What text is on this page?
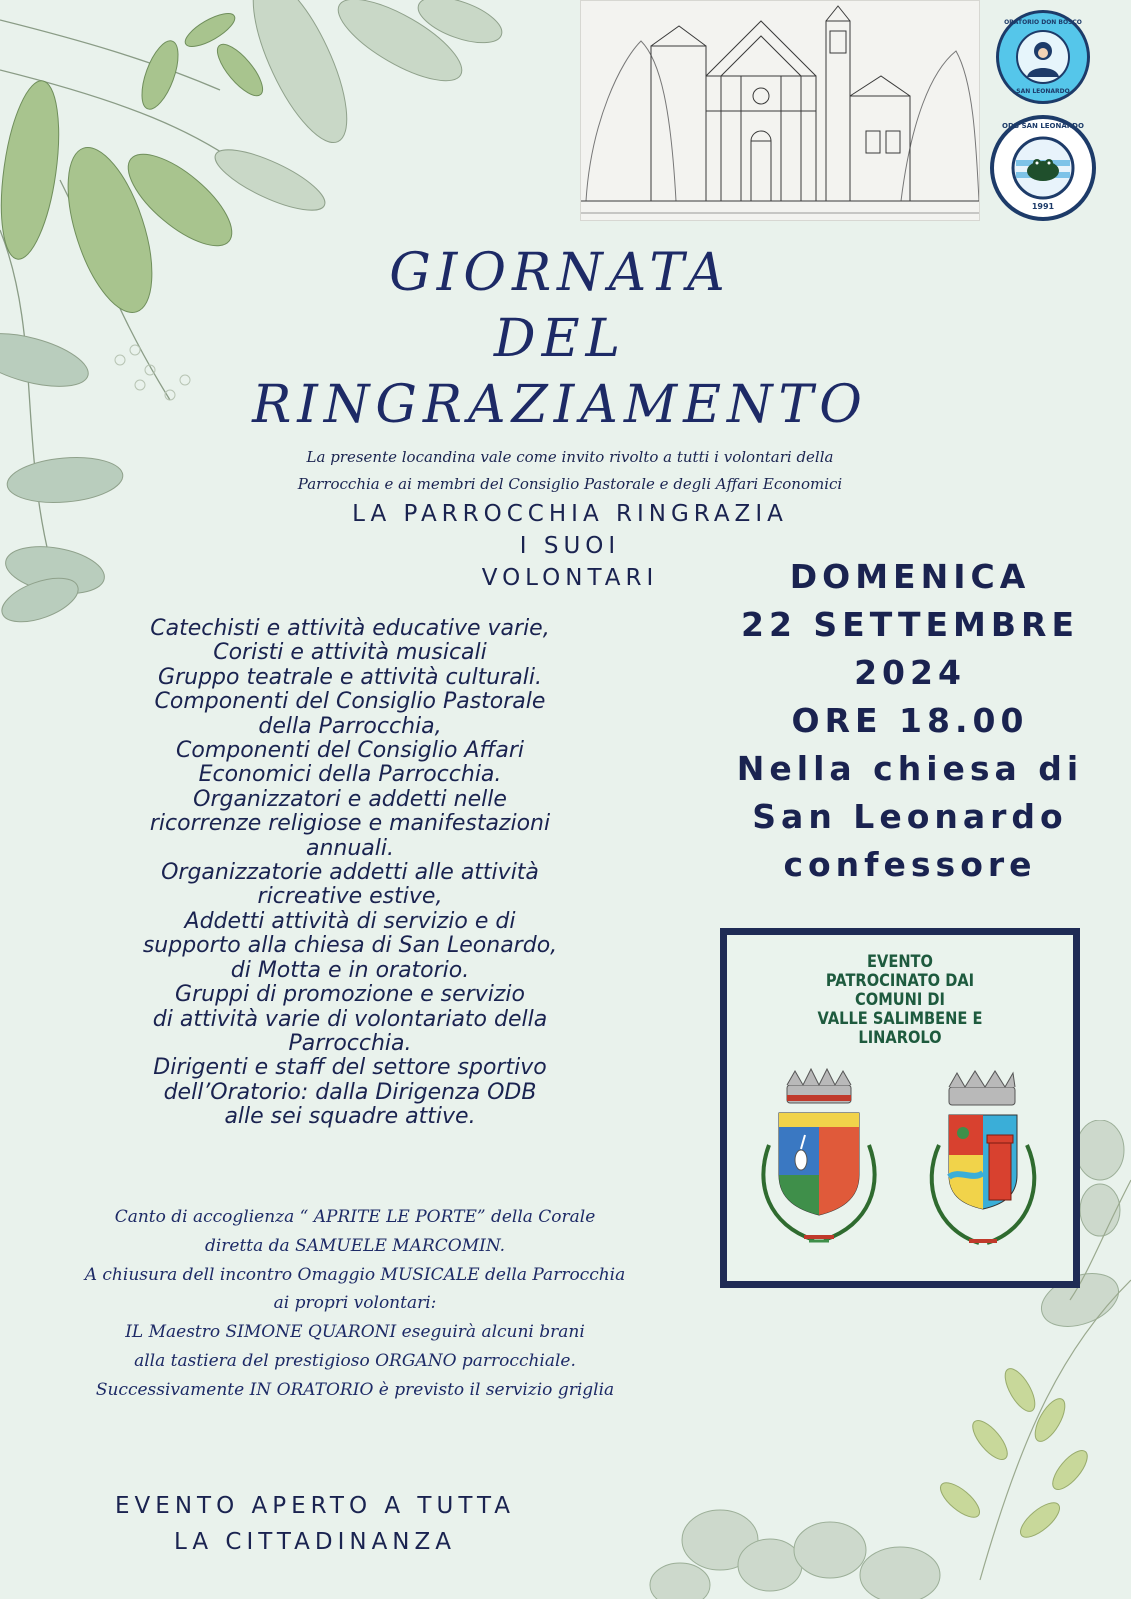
ORATORIO DON BOSCO
SAN LEONARDO
ODB SAN LEONARDO
1991
GIORNATA
DEL
RINGRAZIAMENTO
La presente locandina vale come invito rivolto a tutti i volontari della
Parrocchia e ai membri del Consiglio Pastorale e degli Affari Economici
LA PARROCCHIA RINGRAZIA
I SUOI
VOLONTARI	DOMENICA
22 SETTEMBRE
2024
ORE 18.00
Nella chiesa di
San Leonardo
confessore
Catechisti e attività educative varie,
Coristi e attività musicali
Gruppo teatrale e attività culturali.
Componenti del Consiglio Pastorale
della Parrocchia,
Componenti del Consiglio Affari
Economici della Parrocchia.
Organizzatori e addetti nelle
ricorrenze religiose e manifestazioni
annuali.
Organizzatorie addetti alle attività
ricreative estive,
Addetti attività di servizio e di
supporto alla chiesa di San Leonardo,
di Motta e in oratorio.
Gruppi di promozione e servizio
di attività varie di volontariato della
Parrocchia.
Dirigenti e staff del settore sportivo
dell’Oratorio: dalla Dirigenza ODB
alle sei squadre attive.
Canto di accoglienza “ APRITE LE PORTE” della Corale
diretta da SAMUELE MARCOMIN.
A chiusura dell incontro Omaggio MUSICALE della Parrocchia
ai propri volontari:
IL Maestro SIMONE QUARONI eseguirà alcuni brani
alla tastiera del prestigioso ORGANO parrocchiale.
Successivamente IN ORATORIO è previsto il servizio griglia
EVENTO APERTO A TUTTA
LA CITTADINANZA
EVENTO
PATROCINATO DAI
COMUNI DI
VALLE SALIMBENE E
LINAROLO
